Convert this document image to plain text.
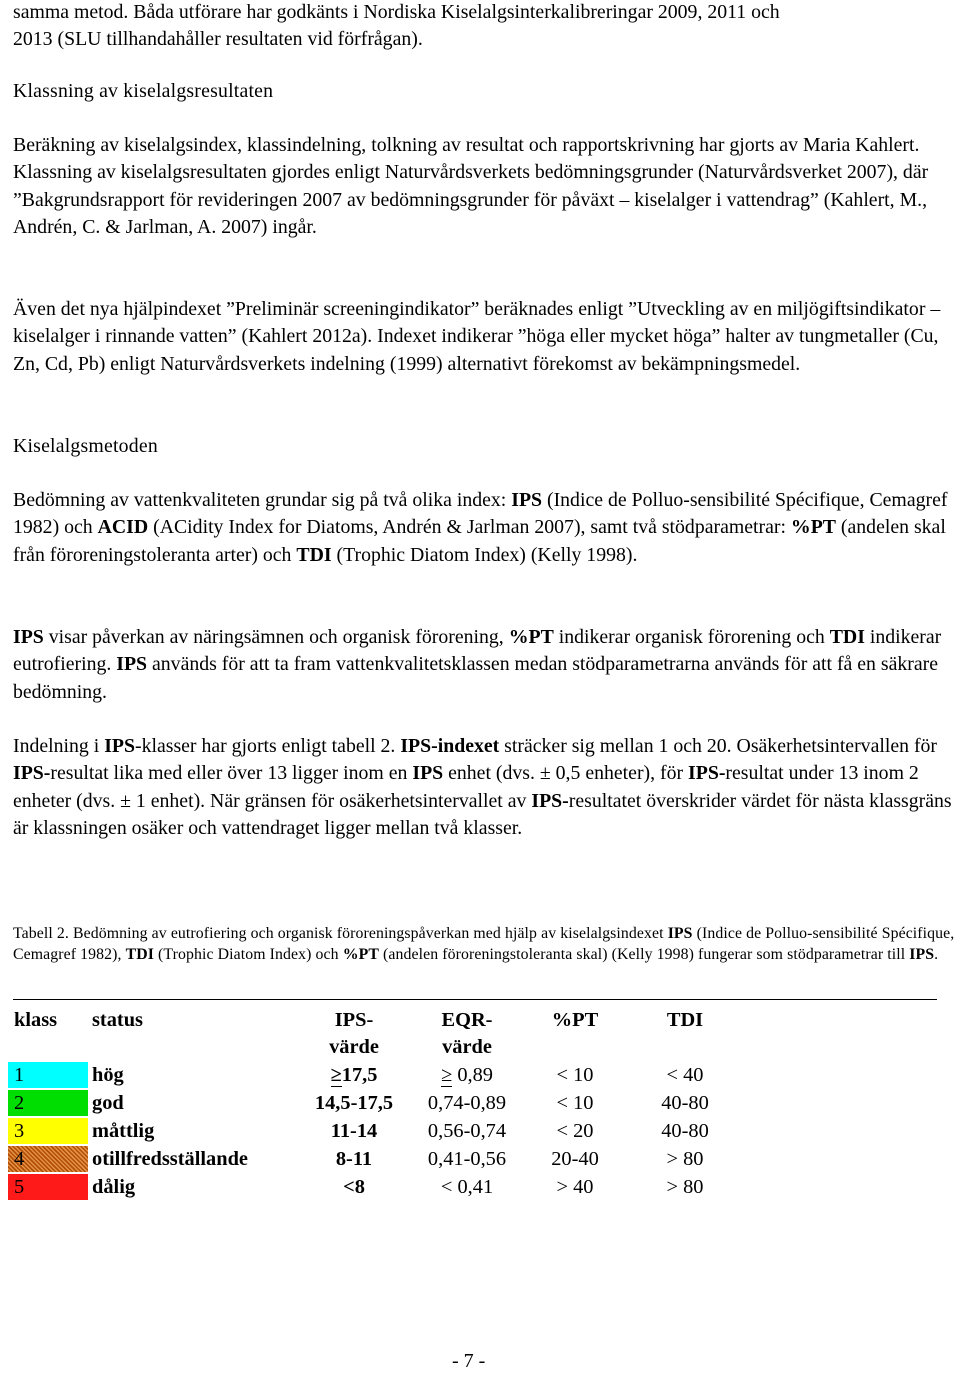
samma metod. Båda utförare har godkänts i Nordiska Kiselalgsinterkalibreringar 2009, 2011 och
2013 (SLU tillhandahåller resultaten vid förfrågan).

Klassning av kiselalgsresultaten

Beräkning av kiselalgsindex, klassindelning, tolkning av resultat och rapportskrivning har gjorts av Maria Kahlert. Klassning av kiselalgsresultaten gjordes enligt Naturvårdsverkets bedömningsgrunder (Naturvårdsverket 2007), där ”Bakgrundsrapport för revideringen 2007 av bedömningsgrunder för påväxt – kiselalger i vattendrag” (Kahlert, M., Andrén, C. & Jarlman, A. 2007) ingår.

Även det nya hjälpindexet ”Preliminär screeningindikator” beräknades enligt ”Utveckling av en miljögiftsindikator – kiselalger i rinnande vatten” (Kahlert 2012a). Indexet indikerar ”höga eller mycket höga” halter av tungmetaller (Cu, Zn, Cd, Pb) enligt Naturvårdsverkets indelning (1999) alternativt förekomst av bekämpningsmedel.

Kiselalgsmetoden

Bedömning av vattenkvaliteten grundar sig på två olika index: IPS (Indice de Polluo-sensibilité Spécifique, Cemagref 1982) och ACID (ACidity Index for Diatoms, Andrén & Jarlman 2007), samt två stödparametrar: %PT (andelen skal från föroreningstoleranta arter) och TDI (Trophic Diatom Index) (Kelly 1998).

IPS visar påverkan av näringsämnen och organisk förorening, %PT indikerar organisk förorening och TDI indikerar eutrofiering. IPS används för att ta fram vattenkvalitetsklassen medan stödparametrarna används för att få en säkrare bedömning.

Indelning i IPS-klasser har gjorts enligt tabell 2. IPS-indexet sträcker sig mellan 1 och 20. Osäkerhetsintervallen för IPS-resultat lika med eller över 13 ligger inom en IPS enhet (dvs. ± 0,5 enheter), för IPS-resultat under 13 inom 2 enheter (dvs. ± 1 enhet). När gränsen för osäkerhetsintervallet av IPS-resultatet överskrider värdet för nästa klassgräns är klassningen osäker och vattendraget ligger mellan två klasser.

Tabell 2. Bedömning av eutrofiering och organisk föroreningspåverkan med hjälp av kiselalgsindexet IPS (Indice de Polluo-sensibilité Spécifique, Cemagref 1982), TDI (Trophic Diatom Index) och %PT (andelen föroreningstoleranta skal) (Kelly 1998) fungerar som stödparametrar till IPS.

klass	status	IPS-
värde	EQR-
värde	%PT	TDI

1	hög	≥17,5	≥ 0,89	< 10	< 40

2	god	14,5-17,5	0,74-0,89	< 10	40-80

3	måttlig	11-14	0,56-0,74	< 20	40-80

4	otillfredsställande	8-11	0,41-0,56	20-40	> 80

5	dålig	<8	< 0,41	> 40	> 80
- 7 -
